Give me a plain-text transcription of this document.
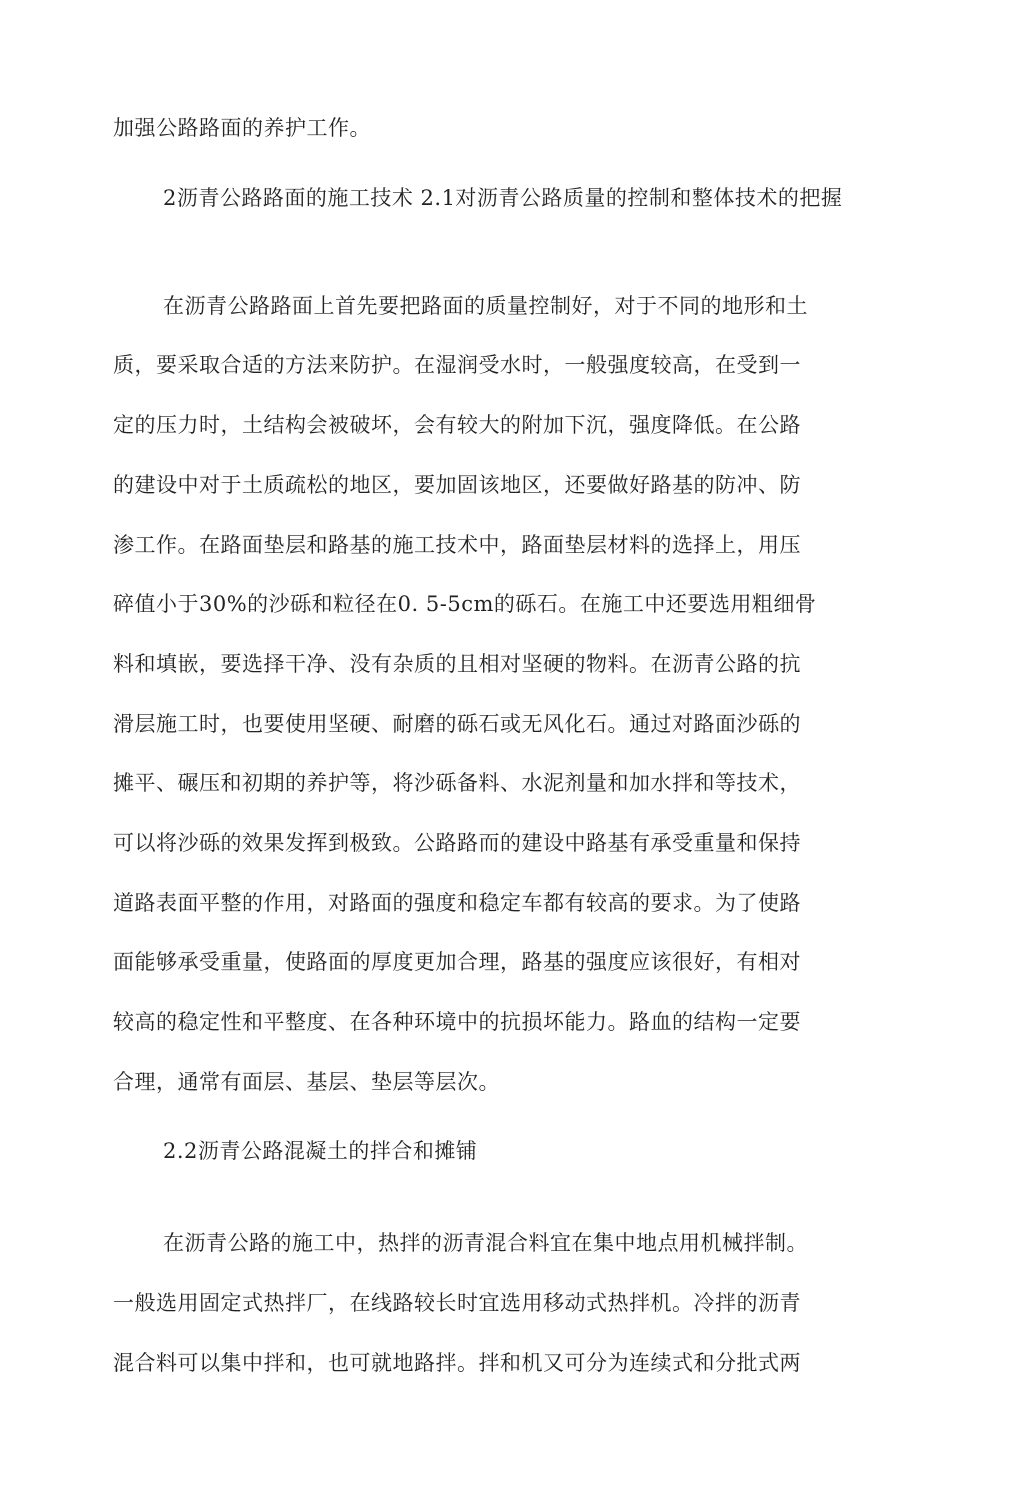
加强公路路面的养护工作。
2沥青公路路面的施工技术 2.1对沥青公路质量的控制和整体技术的把握
在沥青公路路面上首先要把路面的质量控制好，对于不同的地形和土
质，要采取合适的方法来防护。在湿润受水时，一般强度较高，在受到一
定的压力时，土结构会被破坏，会有较大的附加下沉，强度降低。在公路
的建设中对于土质疏松的地区，要加固该地区，还要做好路基的防冲、防
渗工作。在路面垫层和路基的施工技术中，路面垫层材料的选择上，用压
碎值小于30%的沙砾和粒径在0. 5-5cm的砾石。在施工中还要选用粗细骨
料和填嵌，要选择干净、没有杂质的且相对坚硬的物料。在沥青公路的抗
滑层施工时，也要使用坚硬、耐磨的砾石或无风化石。通过对路面沙砾的
摊平、碾压和初期的养护等，将沙砾备料、水泥剂量和加水拌和等技术，
可以将沙砾的效果发挥到极致。公路路而的建设中路基有承受重量和保持
道路表面平整的作用，对路面的强度和稳定车都有较高的要求。为了使路
面能够承受重量，使路面的厚度更加合理，路基的强度应该很好，有相对
较高的稳定性和平整度、在各种环境中的抗损坏能力。路血的结构一定要
合理，通常有面层、基层、垫层等层次。
2.2沥青公路混凝土的拌合和摊铺
在沥青公路的施工中，热拌的沥青混合料宜在集中地点用机械拌制。
一般选用固定式热拌厂，在线路较长时宜选用移动式热拌机。冷拌的沥青
混合料可以集中拌和，也可就地路拌。拌和机又可分为连续式和分批式两
